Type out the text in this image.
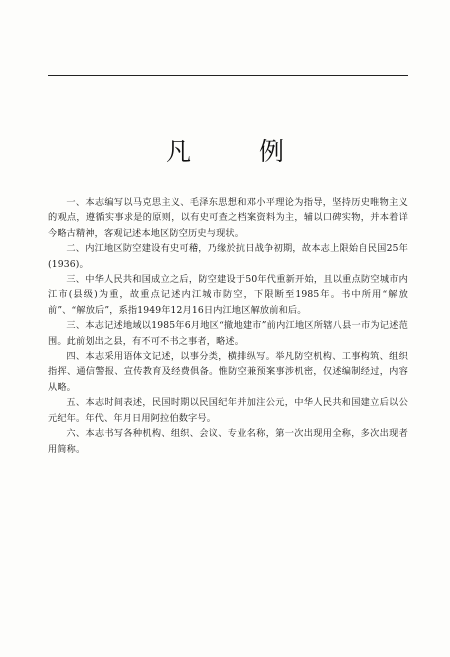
凡 例

一、本志编写以马克思主义、毛泽东思想和邓小平理论为指导，坚持历史唯物主义的观点，遵循实事求是的原则，以有史可查之档案资料为主，辅以口碑实物，并本着详今略古精神，客观记述本地区防空历史与现状。

二、内江地区防空建设有史可稽，乃缘於抗日战争初期，故本志上限始自民国25年(1936)。

三、中华人民共和国成立之后，防空建设于50年代重新开始，且以重点防空城市内江市(县级)为重，故重点记述内江城市防空，下限断至1985年。书中所用“解放前”、“解放后”，系指1949年12月16日内江地区解放前和后。

三、本志记述地域以1985年6月地区“撤地建市”前内江地区所辖八县一市为记述范围。此前划出之县，有不可不书之事者，略述。

四、本志采用语体文记述，以事分类，横排纵写。举凡防空机构、工事构筑、组织指挥、通信警报、宣传教育及经费俱备。惟防空兼预案事涉机密，仅述编制经过，内容从略。

五、本志时间表述，民国时期以民国纪年并加注公元，中华人民共和国建立后以公元纪年。年代、年月日用阿拉伯数字号。

六、本志书写各种机构、组织、会议、专业名称，第一次出现用全称，多次出现者用简称。
